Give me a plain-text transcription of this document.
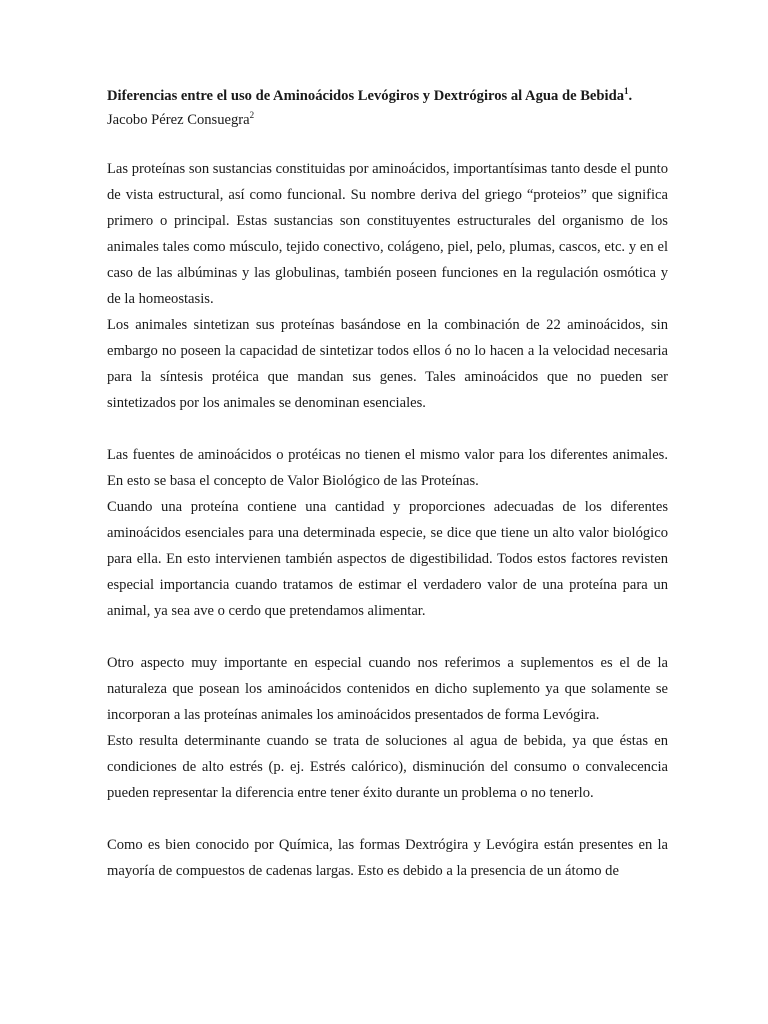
Diferencias entre el uso de Aminoácidos Levógiros y Dextrógiros al Agua de Bebida$^1$.

Jacobo Pérez Consuegra$^2$

Las proteínas son sustancias constituidas por aminoácidos, importantísimas tanto desde el punto de vista estructural, así como funcional. Su nombre deriva del griego “proteios” que significa primero o principal. Estas sustancias son constituyentes estructurales del organismo de los animales tales como músculo, tejido conectivo, colágeno, piel, pelo, plumas, cascos, etc. y en el caso de las albúminas y las globulinas, también poseen funciones en la regulación osmótica y de la homeostasis.

Los animales sintetizan sus proteínas basándose en la combinación de 22 aminoácidos, sin embargo no poseen la capacidad de sintetizar todos ellos ó no lo hacen a la velocidad necesaria para la síntesis protéica que mandan sus genes. Tales aminoácidos que no pueden ser sintetizados por los animales se denominan esenciales.

Las fuentes de aminoácidos o protéicas no tienen el mismo valor para los diferentes animales. En esto se basa el concepto de Valor Biológico de las Proteínas.

Cuando una proteína contiene una cantidad y proporciones adecuadas de los diferentes aminoácidos esenciales para una determinada especie, se dice que tiene un alto valor biológico para ella. En esto intervienen también aspectos de digestibilidad. Todos estos factores revisten especial importancia cuando tratamos de estimar el verdadero valor de una proteína para un animal, ya sea ave o cerdo que pretendamos alimentar.

Otro aspecto muy importante en especial cuando nos referimos a suplementos es el de la naturaleza que posean los aminoácidos contenidos en dicho suplemento ya que solamente se incorporan a las proteínas animales los aminoácidos presentados de forma Levógira.

Esto resulta determinante cuando se trata de soluciones al agua de bebida, ya que éstas en condiciones de alto estrés (p. ej. Estrés calórico), disminución del consumo o convalecencia pueden representar la diferencia entre tener éxito durante un problema o no tenerlo.

Como es bien conocido por Química, las formas Dextrógira y Levógira están presentes en la mayoría de compuestos de cadenas largas. Esto es debido a la presencia de un átomo de
